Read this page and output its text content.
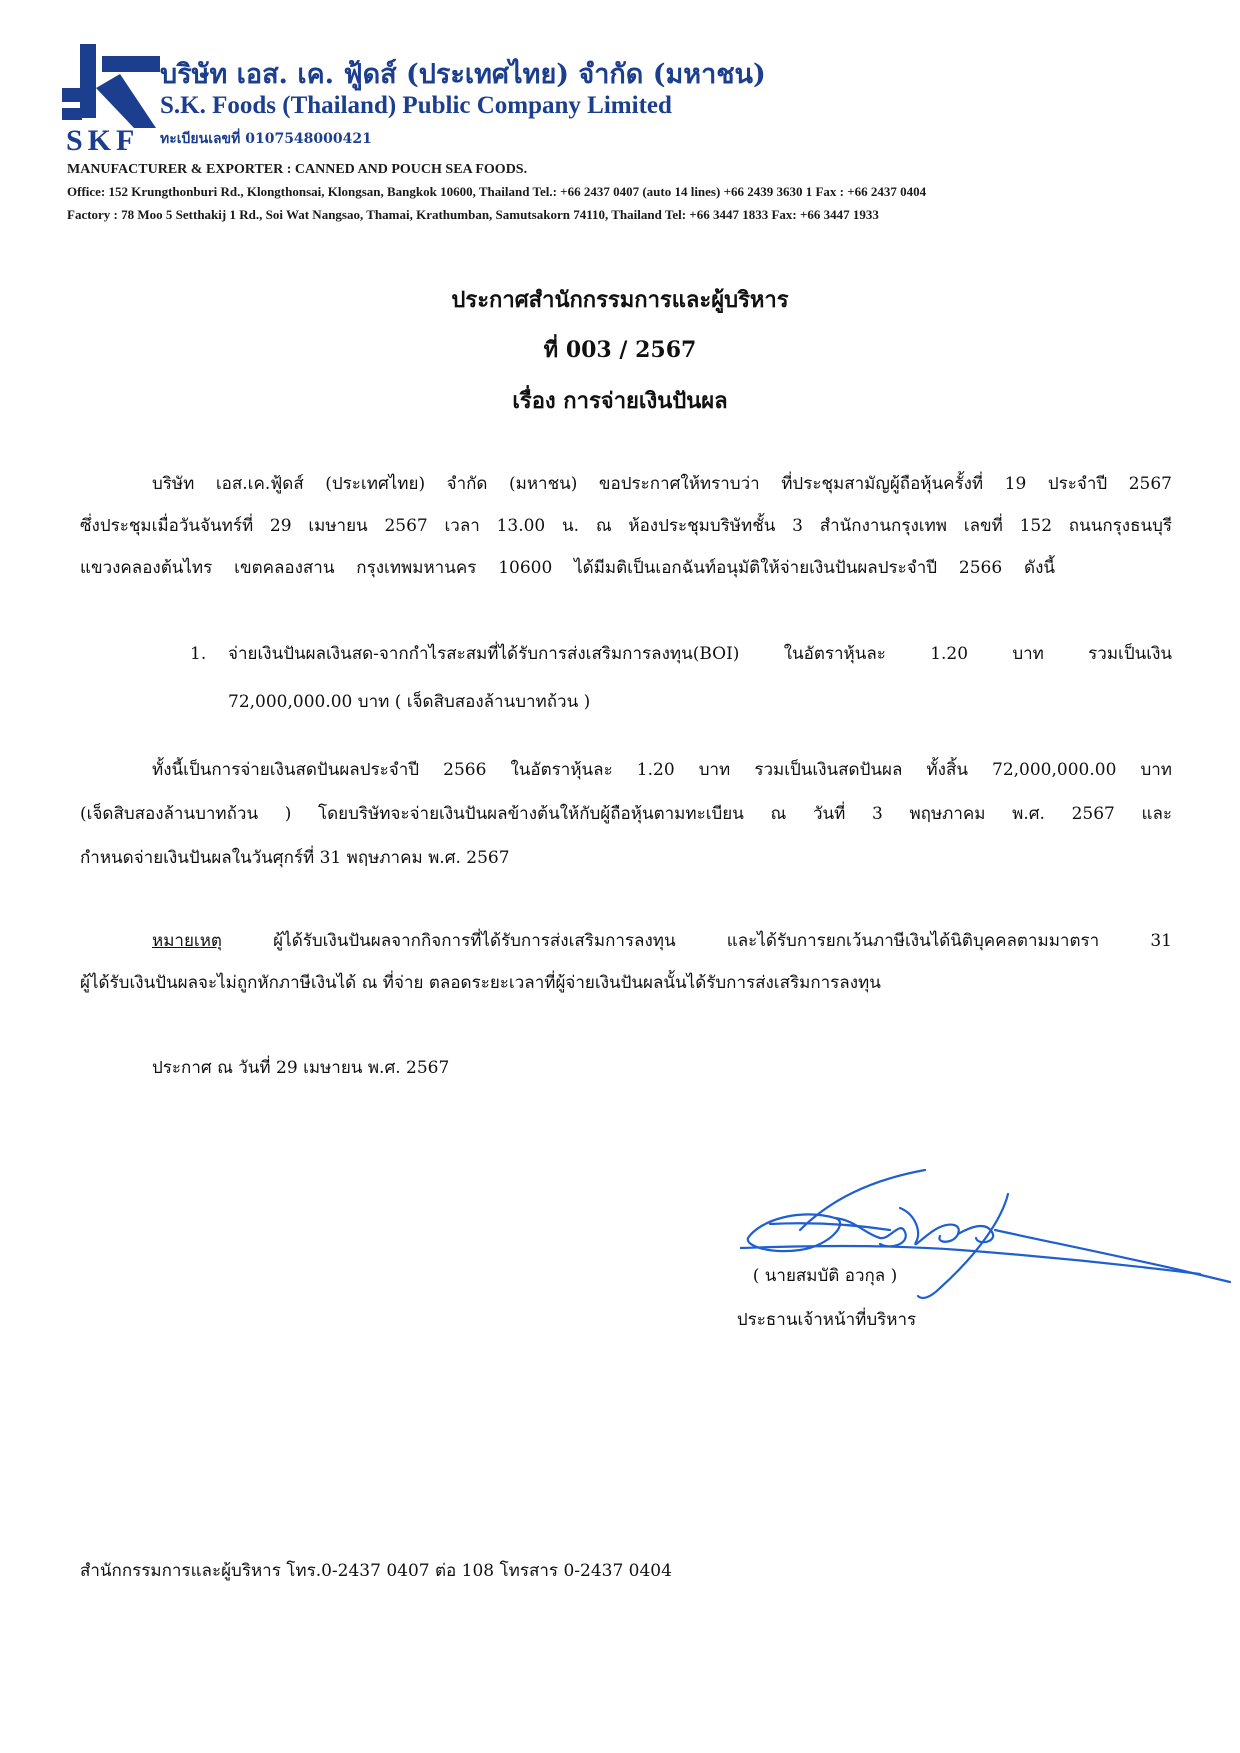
SKF
บริษัท เอส. เค. ฟู้ดส์ (ประเทศไทย) จำกัด (มหาชน)
S.K. Foods (Thailand) Public Company Limited
ทะเบียนเลขที่ 0107548000421
MANUFACTURER & EXPORTER : CANNED AND POUCH SEA FOODS.
Office: 152 Krungthonburi Rd., Klongthonsai, Klongsan, Bangkok 10600, Thailand Tel.: +66 2437 0407 (auto 14 lines) +66 2439 3630 1 Fax : +66 2437 0404
Factory : 78 Moo 5 Setthakij 1 Rd., Soi Wat Nangsao, Thamai, Krathumban, Samutsakorn 74110, Thailand Tel: +66 3447 1833 Fax: +66 3447 1933
ประกาศสำนักกรรมการและผู้บริหาร
ที่ 003 / 2567
เรื่อง การจ่ายเงินปันผล
บริษัท เอส.เค.ฟู้ดส์ (ประเทศไทย) จำกัด (มหาชน) ขอประกาศให้ทราบว่า ที่ประชุมสามัญผู้ถือหุ้นครั้งที่ 19 ประจำปี 2567
ซึ่งประชุมเมื่อวันจันทร์ที่ 29 เมษายน 2567 เวลา 13.00 น. ณ ห้องประชุมบริษัทชั้น 3 สำนักงานกรุงเทพ เลขที่ 152 ถนนกรุงธนบุรี
แขวงคลองต้นไทร เขตคลองสาน กรุงเทพมหานคร 10600 ได้มีมติเป็นเอกฉันท์อนุมัติให้จ่ายเงินปันผลประจำปี 2566 ดังนี้
1. จ่ายเงินปันผลเงินสด-จากกำไรสะสมที่ได้รับการส่งเสริมการลงทุน(BOI) ในอัตราหุ้นละ 1.20 บาท รวมเป็นเงิน
72,000,000.00 บาท ( เจ็ดสิบสองล้านบาทถ้วน )
ทั้งนี้เป็นการจ่ายเงินสดปันผลประจำปี 2566 ในอัตราหุ้นละ 1.20 บาท รวมเป็นเงินสดปันผล ทั้งสิ้น 72,000,000.00 บาท
(เจ็ดสิบสองล้านบาทถ้วน ) โดยบริษัทจะจ่ายเงินปันผลข้างต้นให้กับผู้ถือหุ้นตามทะเบียน ณ วันที่ 3 พฤษภาคม พ.ศ. 2567 และ
กำหนดจ่ายเงินปันผลในวันศุกร์ที่ 31 พฤษภาคม พ.ศ. 2567
หมายเหตุ ผู้ได้รับเงินปันผลจากกิจการที่ได้รับการส่งเสริมการลงทุน และได้รับการยกเว้นภาษีเงินได้นิติบุคคลตามมาตรา 31
ผู้ได้รับเงินปันผลจะไม่ถูกหักภาษีเงินได้ ณ ที่จ่าย ตลอดระยะเวลาที่ผู้จ่ายเงินปันผลนั้นได้รับการส่งเสริมการลงทุน
ประกาศ ณ วันที่ 29 เมษายน พ.ศ. 2567
( นายสมบัติ อวกุล )
ประธานเจ้าหน้าที่บริหาร
สำนักกรรมการและผู้บริหาร โทร.0-2437 0407 ต่อ 108 โทรสาร 0-2437 0404
